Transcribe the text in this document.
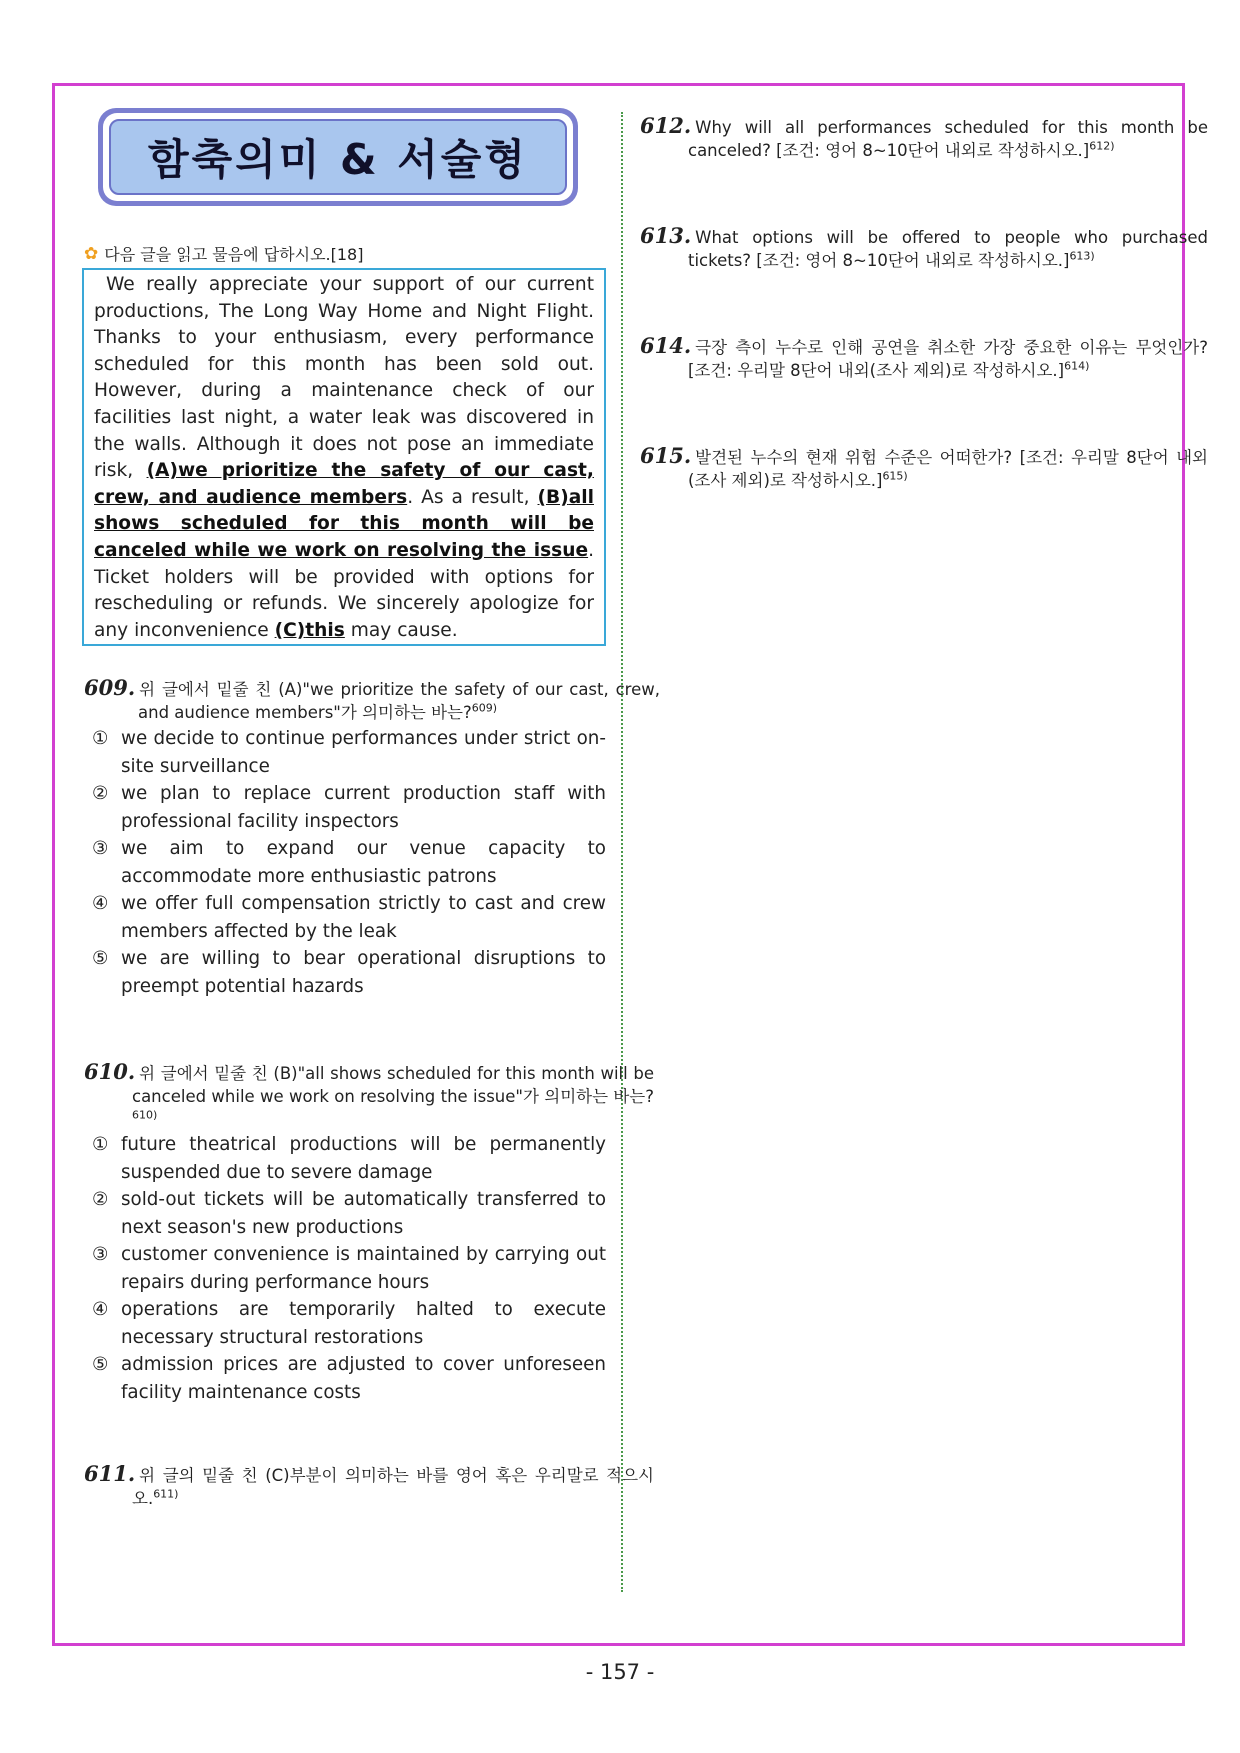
함축의미 & 서술형
✿ 다음 글을 읽고 물음에 답하시오.[18]
We really appreciate your support of our current productions, The Long Way Home and Night Flight. Thanks to your enthusiasm, every performance scheduled for this month has been sold out. However, during a maintenance check of our facilities last night, a water leak was discovered in the walls. Although it does not pose an immediate risk, (A)we prioritize the safety of our cast, crew, and audience members. As a result, (B)all shows scheduled for this month will be canceled while we work on resolving the issue. Ticket holders will be provided with options for rescheduling or refunds. We sincerely apologize for any inconvenience (C)this may cause.
609. 위 글에서 밑줄 친 (A)"we prioritize the safety of our cast, crew, and audience members"가 의미하는 바는?$^{609)}$
① we decide to continue performances under strict on-site surveillance
② we plan to replace current production staff with professional facility inspectors
③ we aim to expand our venue capacity to accommodate more enthusiastic patrons
④ we offer full compensation strictly to cast and crew members affected by the leak
⑤ we are willing to bear operational disruptions to preempt potential hazards
610. 위 글에서 밑줄 친 (B)"all shows scheduled for this month will be canceled while we work on resolving the issue"가 의미하는 바는?$^{610)}$
① future theatrical productions will be permanently suspended due to severe damage
② sold-out tickets will be automatically transferred to next season's new productions
③ customer convenience is maintained by carrying out repairs during performance hours
④ operations are temporarily halted to execute necessary structural restorations
⑤ admission prices are adjusted to cover unforeseen facility maintenance costs
611. 위 글의 밑줄 친 (C)부분이 의미하는 바를 영어 혹은 우리말로 적으시오.$^{611)}$
612. Why will all performances scheduled for this month be canceled? [조건: 영어 8~10단어 내외로 작성하시오.]$^{612)}$
613. What options will be offered to people who purchased tickets? [조건: 영어 8~10단어 내외로 작성하시오.]$^{613)}$
614. 극장 측이 누수로 인해 공연을 취소한 가장 중요한 이유는 무엇인가? [조건: 우리말 8단어 내외(조사 제외)로 작성하시오.]$^{614)}$
615. 발견된 누수의 현재 위험 수준은 어떠한가? [조건: 우리말 8단어 내외(조사 제외)로 작성하시오.]$^{615)}$
- 157 -
